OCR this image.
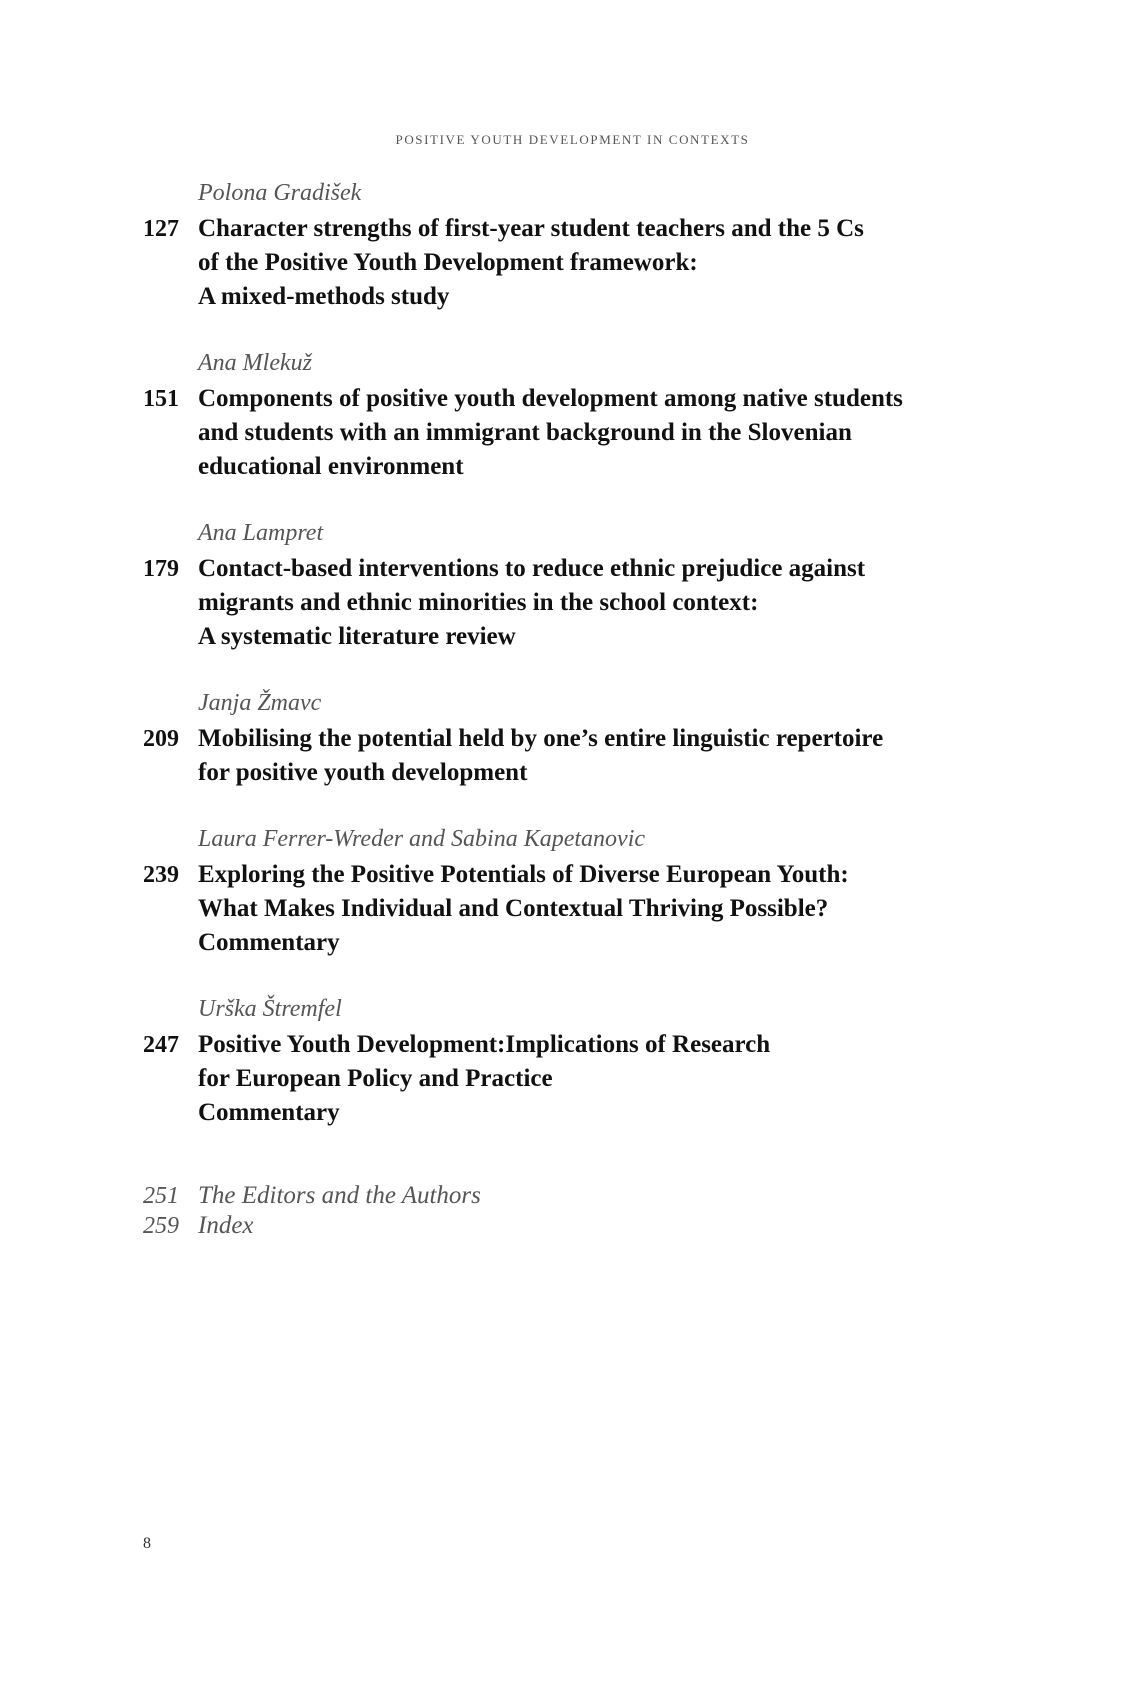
POSITIVE YOUTH DEVELOPMENT IN CONTEXTS
Polona Gradišek
127 Character strengths of first-year student teachers and the 5 Cs
of the Positive Youth Development framework:
A mixed-methods study
Ana Mlekuž
151 Components of positive youth development among native students
and students with an immigrant background in the Slovenian
educational environment
Ana Lampret
179 Contact-based interventions to reduce ethnic prejudice against
migrants and ethnic minorities in the school context:
A systematic literature review
Janja Žmavc
209 Mobilising the potential held by one’s entire linguistic repertoire
for positive youth development
Laura Ferrer-Wreder and Sabina Kapetanovic
239 Exploring the Positive Potentials of Diverse European Youth:
What Makes Individual and Contextual Thriving Possible?
Commentary
Urška Štremfel
247 Positive Youth Development:Implications of Research
for European Policy and Practice
Commentary
251 The Editors and the Authors
259 Index
8
